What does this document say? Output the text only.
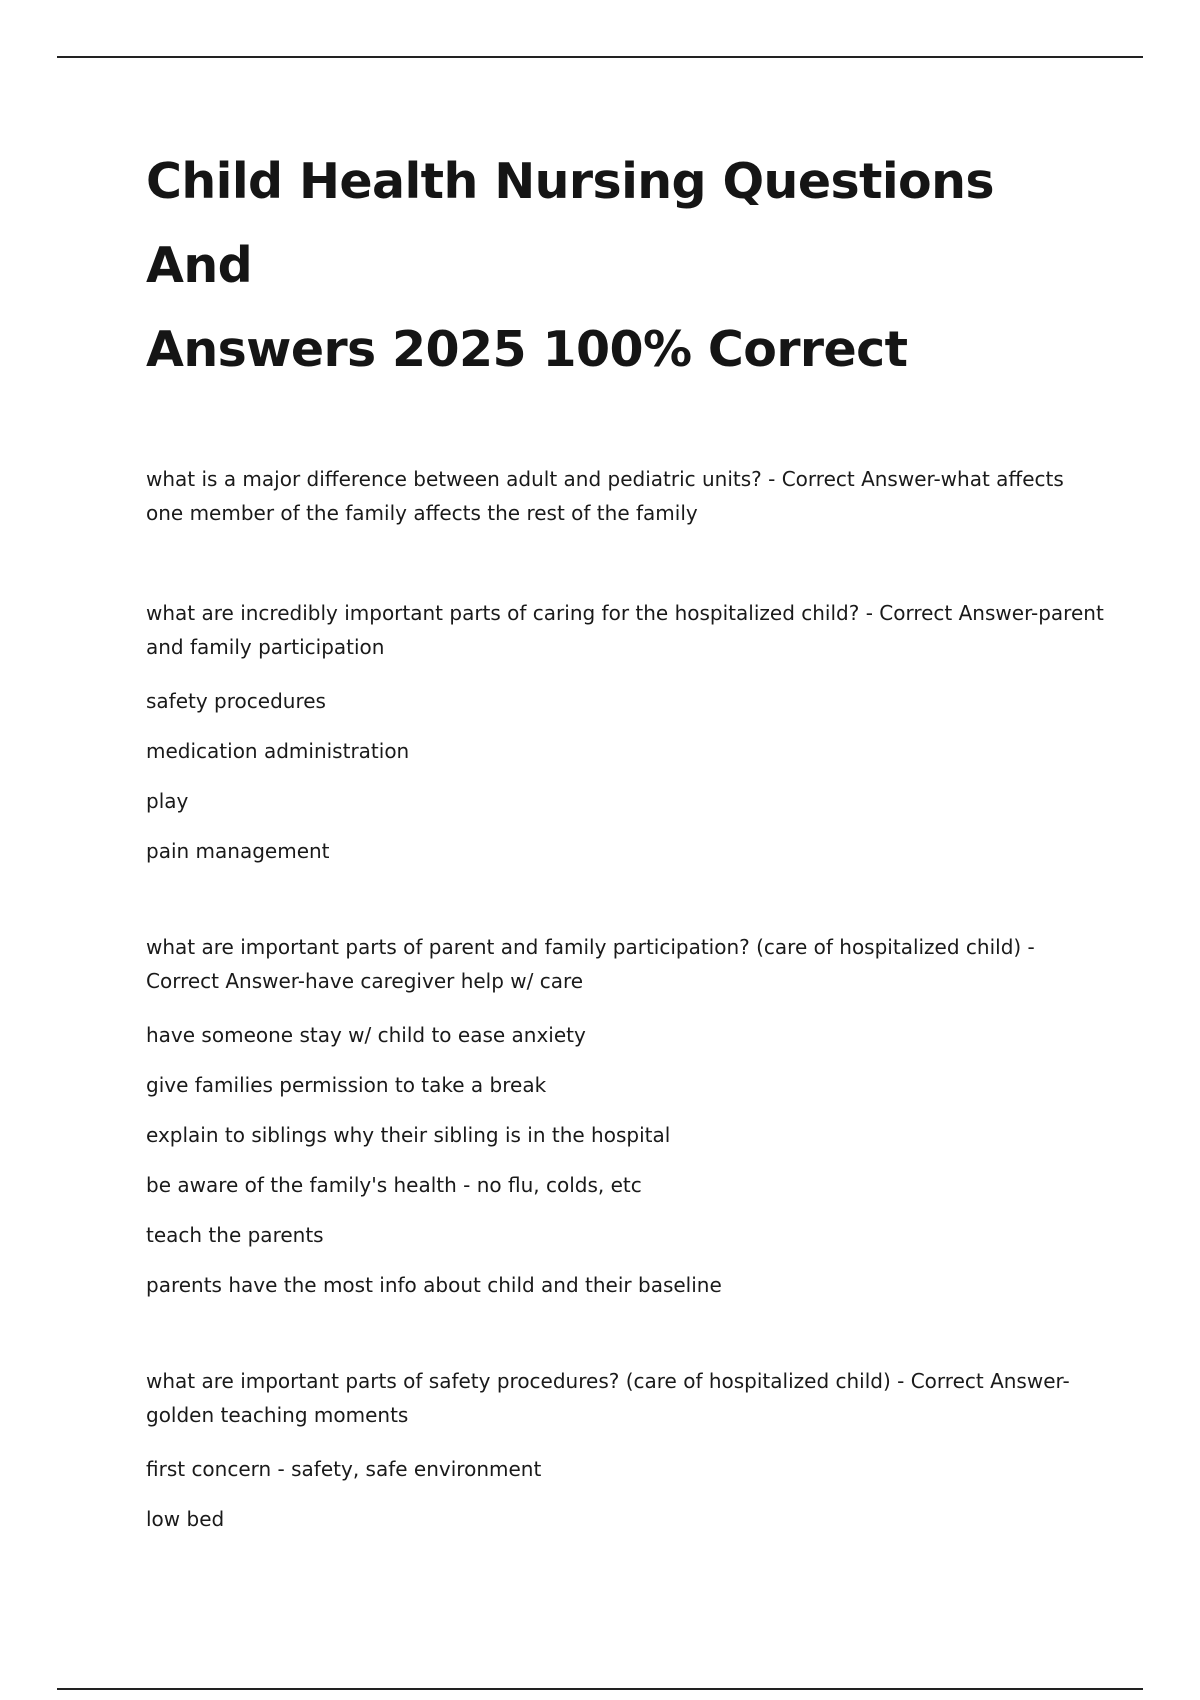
Child Health Nursing Questions And
Answers 2025 100% Correct

what is a major difference between adult and pediatric units? - Correct Answer-what affects one member of the family affects the rest of the family

what are incredibly important parts of caring for the hospitalized child? - Correct Answer-parent and family participation

safety procedures

medication administration

play

pain management

what are important parts of parent and family participation? (care of hospitalized child) - Correct Answer-have caregiver help w/ care

have someone stay w/ child to ease anxiety

give families permission to take a break

explain to siblings why their sibling is in the hospital

be aware of the family's health - no flu, colds, etc

teach the parents

parents have the most info about child and their baseline

what are important parts of safety procedures? (care of hospitalized child) - Correct Answer-golden teaching moments

first concern - safety, safe environment

low bed
